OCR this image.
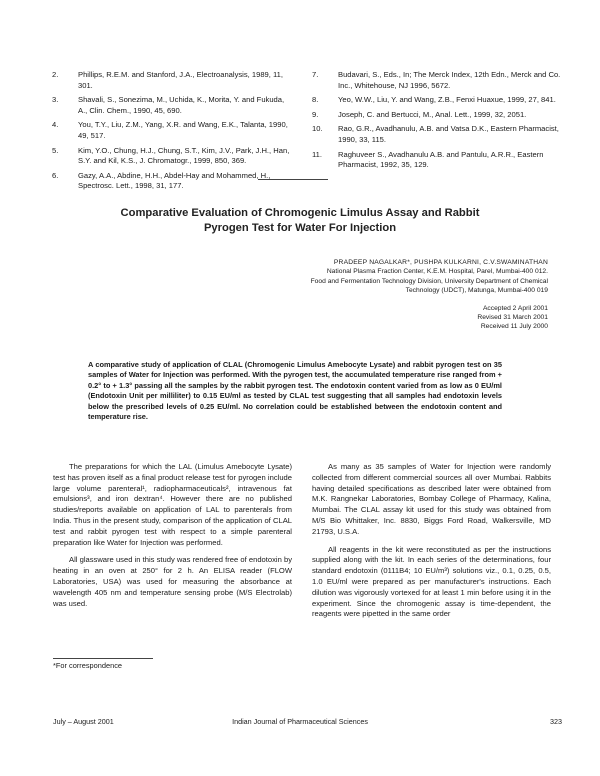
2.	Phillips, R.E.M. and Stanford, J.A., Electroanalysis, 1989, 11, 301.
3.	Shavali, S., Sonezima, M., Uchida, K., Morita, Y. and Fukuda, A., Clin. Chem., 1990, 45, 690.
4.	You, T.Y., Liu, Z.M., Yang, X.R. and Wang, E.K., Talanta, 1990, 49, 517.
5.	Kim, Y.O., Chung, H.J., Chung, S.T., Kim, J.V., Park, J.H., Han, S.Y. and Kil, K.S., J. Chromatogr., 1999, 850, 369.
6.	Gazy, A.A., Abdine, H.H., Abdel-Hay and Mohammed, H., Spectrosc. Lett., 1998, 31, 177.
7.	Budavari, S., Eds., In; The Merck Index, 12th Edn., Merck and Co. Inc., Whitehouse, NJ 1996, 5672.
8.	Yeo, W.W., Liu, Y. and Wang, Z.B., Fenxi Huaxue, 1999, 27, 841.
9.	Joseph, C. and Bertucci, M., Anal. Lett., 1999, 32, 2051.
10.	Rao, G.R., Avadhanulu, A.B. and Vatsa D.K., Eastern Pharmacist, 1990, 33, 115.
11.	Raghuveer S., Avadhanulu A.B. and Pantulu, A.R.R., Eastern Pharmacist, 1992, 35, 129.
Comparative Evaluation of Chromogenic Limulus Assay and Rabbit
Pyrogen Test for Water For Injection
PRADEEP NAGALKAR*, PUSHPA KULKARNI, C.V.SWAMINATHAN
National Plasma Fraction Center, K.E.M. Hospital, Parel, Mumbai-400 012.
Food and Fermentation Technology Division, University Department of Chemical
Technology (UDCT), Matunga, Mumbai-400 019
Accepted 2 April 2001
Revised 31 March 2001
Received 11 July 2000
A comparative study of application of CLAL (Chromogenic Limulus Amebocyte Lysate) and rabbit pyrogen test on 35 samples of Water for Injection was performed. With the pyrogen test, the accumulated temperature rise ranged from + 0.2° to + 1.3° passing all the samples by the rabbit pyrogen test. The endotoxin content varied from as low as 0 EU/ml (Endotoxin Unit per milliliter) to 0.15 EU/ml as tested by CLAL test suggesting that all samples had endotoxin levels below the prescribed levels of 0.25 EU/ml. No correlation could be established between the endotoxin content and temperature rise.

The preparations for which the LAL (Limulus Amebocyte Lysate) test has proven itself as a final product release test for pyrogen include large volume parenteral¹, radiopharmaceuticals², intravenous fat emulsions³, and iron dextran⁴. However there are no published studies/reports available on application of LAL to parenterals from India. Thus in the present study, comparison of the application of CLAL test and rabbit pyrogen test with respect to a simple parenteral preparation like Water for Injection was performed.

All glassware used in this study was rendered free of endotoxin by heating in an oven at 250° for 2 h. An ELISA reader (FLOW Laboratories, USA) was used for measuring the absorbance at wavelength 405 nm and temperature sensing probe (M/S Electrolab) was used.

As many as 35 samples of Water for Injection were randomly collected from different commercial sources all over Mumbai. Rabbits having detailed specifications as described later were obtained from M.K. Rangnekar Laboratories, Bombay College of Pharmacy, Kalina, Mumbai. The CLAL assay kit used for this study was obtained from M/S Bio Whittaker, Inc. 8830, Biggs Ford Road, Walkersville, MD 21793, U.S.A.

All reagents in the kit were reconstituted as per the instructions supplied along with the kit. In each series of the determinations, four standard endotoxin (0111B4; 10 EU/m³) solutions viz., 0.1, 0.25, 0.5, 1.0 EU/ml were prepared as per manufacturer's instructions. Each dilution was vigorously vortexed for at least 1 min before using it in the experiment. Since the chromogenic assay is time-dependent, the reagents were pipetted in the same order

*For correspondence
July – August 2001	Indian Journal of Pharmaceutical Sciences	323
